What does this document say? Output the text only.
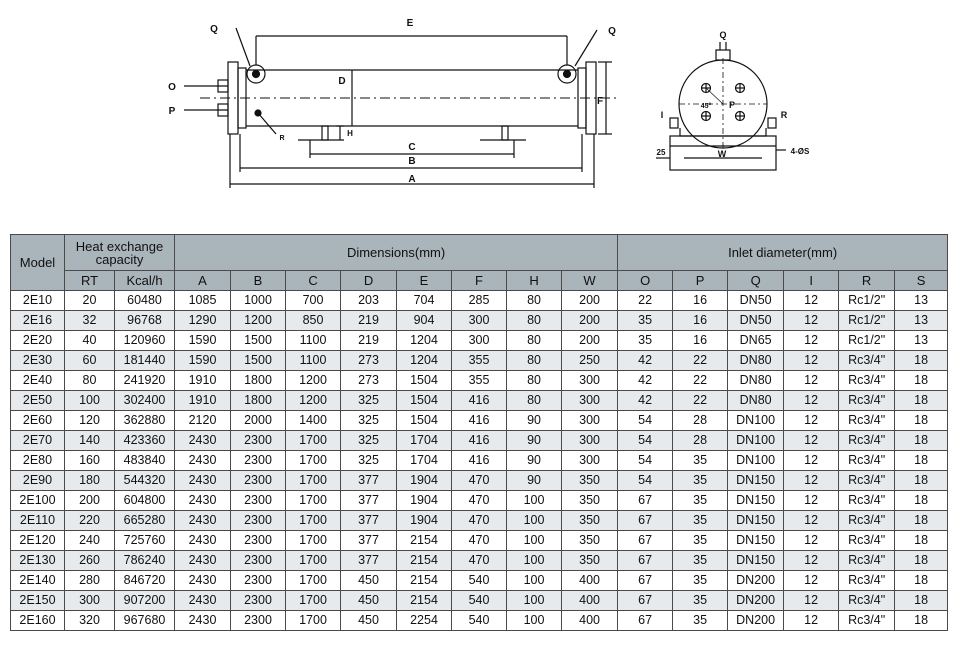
E
Q	Q
O
P
D
F
H
R
C
B
A
Q
45° P
I	R
W
25	4-ØS
Model	Heat exchange capacity		Dimensions(mm)								Inlet diameter(mm)					
	RT	Kcal/h	A	B	C	D	E	F	H	W	O	P	Q	I	R	S
2E10	20	60480	1085	1000	700	203	704	285	80	200	22	16	DN50	12	Rc1/2"	13
2E16	32	96768	1290	1200	850	219	904	300	80	200	35	16	DN50	12	Rc1/2"	13
2E20	40	120960	1590	1500	1100	219	1204	300	80	200	35	16	DN65	12	Rc1/2"	13
2E30	60	181440	1590	1500	1100	273	1204	355	80	250	42	22	DN80	12	Rc3/4"	18
2E40	80	241920	1910	1800	1200	273	1504	355	80	300	42	22	DN80	12	Rc3/4"	18
2E50	100	302400	1910	1800	1200	325	1504	416	80	300	42	22	DN80	12	Rc3/4"	18
2E60	120	362880	2120	2000	1400	325	1504	416	90	300	54	28	DN100	12	Rc3/4"	18
2E70	140	423360	2430	2300	1700	325	1704	416	90	300	54	28	DN100	12	Rc3/4"	18
2E80	160	483840	2430	2300	1700	325	1704	416	90	300	54	35	DN100	12	Rc3/4"	18
2E90	180	544320	2430	2300	1700	377	1904	470	90	350	54	35	DN150	12	Rc3/4"	18
2E100	200	604800	2430	2300	1700	377	1904	470	100	350	67	35	DN150	12	Rc3/4"	18
2E110	220	665280	2430	2300	1700	377	1904	470	100	350	67	35	DN150	12	Rc3/4"	18
2E120	240	725760	2430	2300	1700	377	2154	470	100	350	67	35	DN150	12	Rc3/4"	18
2E130	260	786240	2430	2300	1700	377	2154	470	100	350	67	35	DN150	12	Rc3/4"	18
2E140	280	846720	2430	2300	1700	450	2154	540	100	400	67	35	DN200	12	Rc3/4"	18
2E150	300	907200	2430	2300	1700	450	2154	540	100	400	67	35	DN200	12	Rc3/4"	18
2E160	320	967680	2430	2300	1700	450	2254	540	100	400	67	35	DN200	12	Rc3/4"	18
